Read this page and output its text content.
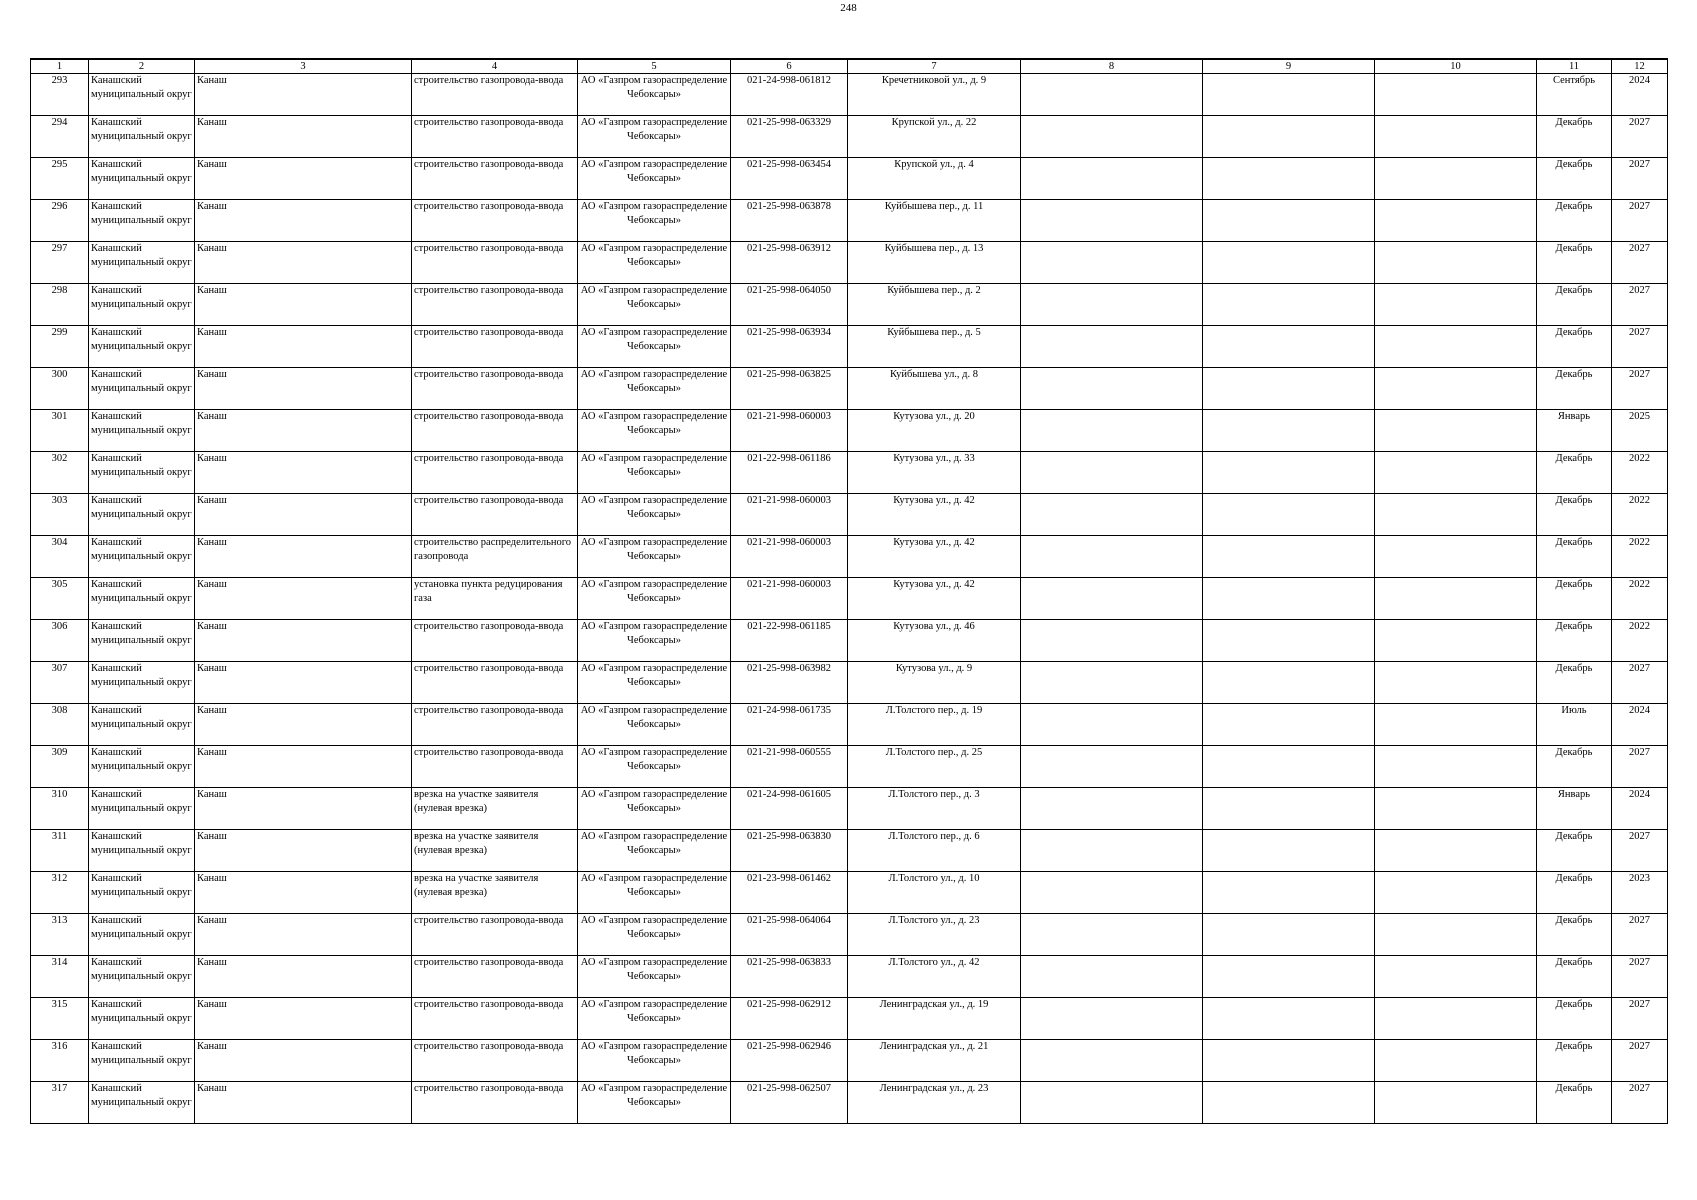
248
1	2	3	4	5	6	7	8	9	10	11	12

293	Канашский муниципальный округ	Канаш	строительство газопровода-ввода	АО «Газпром газораспределение Чебоксары»	021-24-998-061812	Кречетниковой ул., д. 9				Сентябрь	2024

294	Канашский муниципальный округ	Канаш	строительство газопровода-ввода	АО «Газпром газораспределение Чебоксары»	021-25-998-063329	Крупской ул., д. 22				Декабрь	2027

295	Канашский муниципальный округ	Канаш	строительство газопровода-ввода	АО «Газпром газораспределение Чебоксары»	021-25-998-063454	Крупской ул., д. 4				Декабрь	2027

296	Канашский муниципальный округ	Канаш	строительство газопровода-ввода	АО «Газпром газораспределение Чебоксары»	021-25-998-063878	Куйбышева пер., д. 11				Декабрь	2027

297	Канашский муниципальный округ	Канаш	строительство газопровода-ввода	АО «Газпром газораспределение Чебоксары»	021-25-998-063912	Куйбышева пер., д. 13				Декабрь	2027

298	Канашский муниципальный округ	Канаш	строительство газопровода-ввода	АО «Газпром газораспределение Чебоксары»	021-25-998-064050	Куйбышева пер., д. 2				Декабрь	2027

299	Канашский муниципальный округ	Канаш	строительство газопровода-ввода	АО «Газпром газораспределение Чебоксары»	021-25-998-063934	Куйбышева пер., д. 5				Декабрь	2027

300	Канашский муниципальный округ	Канаш	строительство газопровода-ввода	АО «Газпром газораспределение Чебоксары»	021-25-998-063825	Куйбышева ул., д. 8				Декабрь	2027

301	Канашский муниципальный округ	Канаш	строительство газопровода-ввода	АО «Газпром газораспределение Чебоксары»	021-21-998-060003	Кутузова ул., д. 20				Январь	2025

302	Канашский муниципальный округ	Канаш	строительство газопровода-ввода	АО «Газпром газораспределение Чебоксары»	021-22-998-061186	Кутузова ул., д. 33				Декабрь	2022

303	Канашский муниципальный округ	Канаш	строительство газопровода-ввода	АО «Газпром газораспределение Чебоксары»	021-21-998-060003	Кутузова ул., д. 42				Декабрь	2022

304	Канашский муниципальный округ	Канаш	строительство распределительного газопровода	АО «Газпром газораспределение Чебоксары»	021-21-998-060003	Кутузова ул., д. 42				Декабрь	2022

305	Канашский муниципальный округ	Канаш	установка пункта редуцирования газа	АО «Газпром газораспределение Чебоксары»	021-21-998-060003	Кутузова ул., д. 42				Декабрь	2022

306	Канашский муниципальный округ	Канаш	строительство газопровода-ввода	АО «Газпром газораспределение Чебоксары»	021-22-998-061185	Кутузова ул., д. 46				Декабрь	2022

307	Канашский муниципальный округ	Канаш	строительство газопровода-ввода	АО «Газпром газораспределение Чебоксары»	021-25-998-063982	Кутузова ул., д. 9				Декабрь	2027

308	Канашский муниципальный округ	Канаш	строительство газопровода-ввода	АО «Газпром газораспределение Чебоксары»	021-24-998-061735	Л.Толстого пер., д. 19				Июль	2024

309	Канашский муниципальный округ	Канаш	строительство газопровода-ввода	АО «Газпром газораспределение Чебоксары»	021-21-998-060555	Л.Толстого пер., д. 25				Декабрь	2027

310	Канашский муниципальный округ	Канаш	врезка на участке заявителя (нулевая врезка)	АО «Газпром газораспределение Чебоксары»	021-24-998-061605	Л.Толстого пер., д. 3				Январь	2024

311	Канашский муниципальный округ	Канаш	врезка на участке заявителя (нулевая врезка)	АО «Газпром газораспределение Чебоксары»	021-25-998-063830	Л.Толстого пер., д. 6				Декабрь	2027

312	Канашский муниципальный округ	Канаш	врезка на участке заявителя (нулевая врезка)	АО «Газпром газораспределение Чебоксары»	021-23-998-061462	Л.Толстого ул., д. 10				Декабрь	2023

313	Канашский муниципальный округ	Канаш	строительство газопровода-ввода	АО «Газпром газораспределение Чебоксары»	021-25-998-064064	Л.Толстого ул., д. 23				Декабрь	2027

314	Канашский муниципальный округ	Канаш	строительство газопровода-ввода	АО «Газпром газораспределение Чебоксары»	021-25-998-063833	Л.Толстого ул., д. 42				Декабрь	2027

315	Канашский муниципальный округ	Канаш	строительство газопровода-ввода	АО «Газпром газораспределение Чебоксары»	021-25-998-062912	Ленинградская ул., д. 19				Декабрь	2027

316	Канашский муниципальный округ	Канаш	строительство газопровода-ввода	АО «Газпром газораспределение Чебоксары»	021-25-998-062946	Ленинградская ул., д. 21				Декабрь	2027

317	Канашский муниципальный округ	Канаш	строительство газопровода-ввода	АО «Газпром газораспределение Чебоксары»	021-25-998-062507	Ленинградская ул., д. 23				Декабрь	2027
